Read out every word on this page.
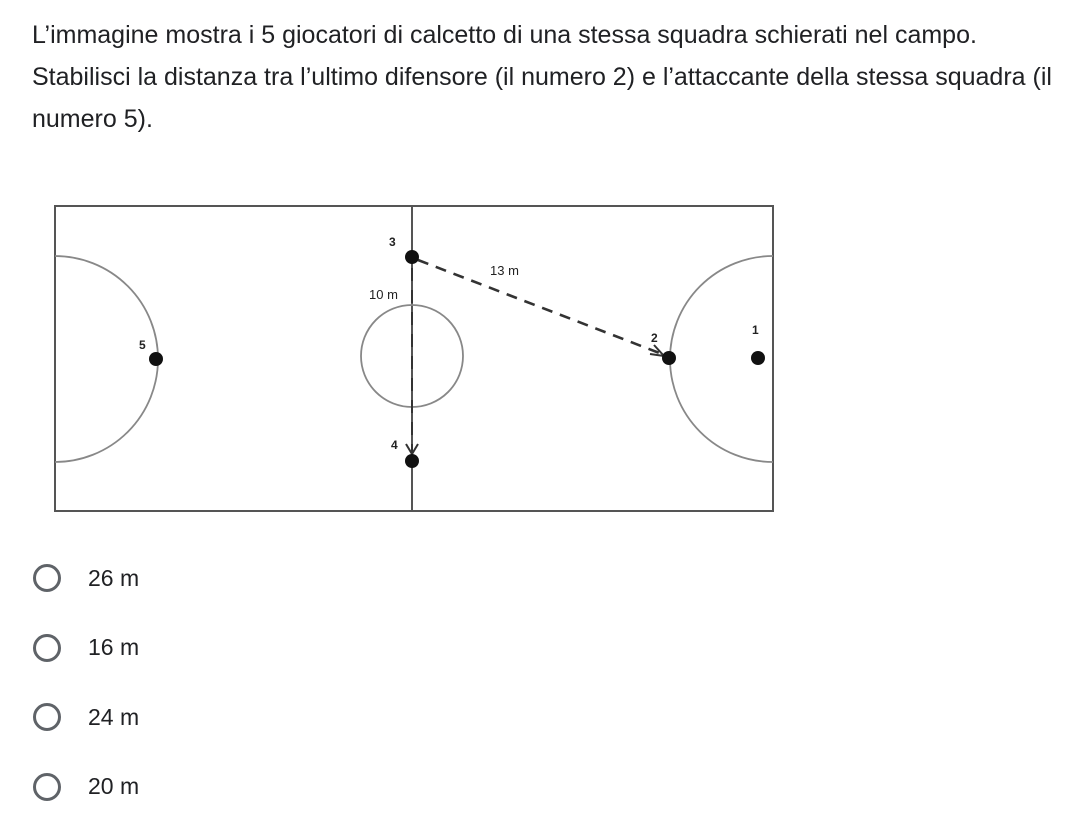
L’immagine mostra i 5 giocatori di calcetto di una stessa squadra schierati nel campo. Stabilisci la distanza tra l’ultimo difensore (il numero 2) e l’attaccante della stessa squadra (il numero 5).

1
2
3
4
5
13 m
10 m
26 m
16 m
24 m
20 m
